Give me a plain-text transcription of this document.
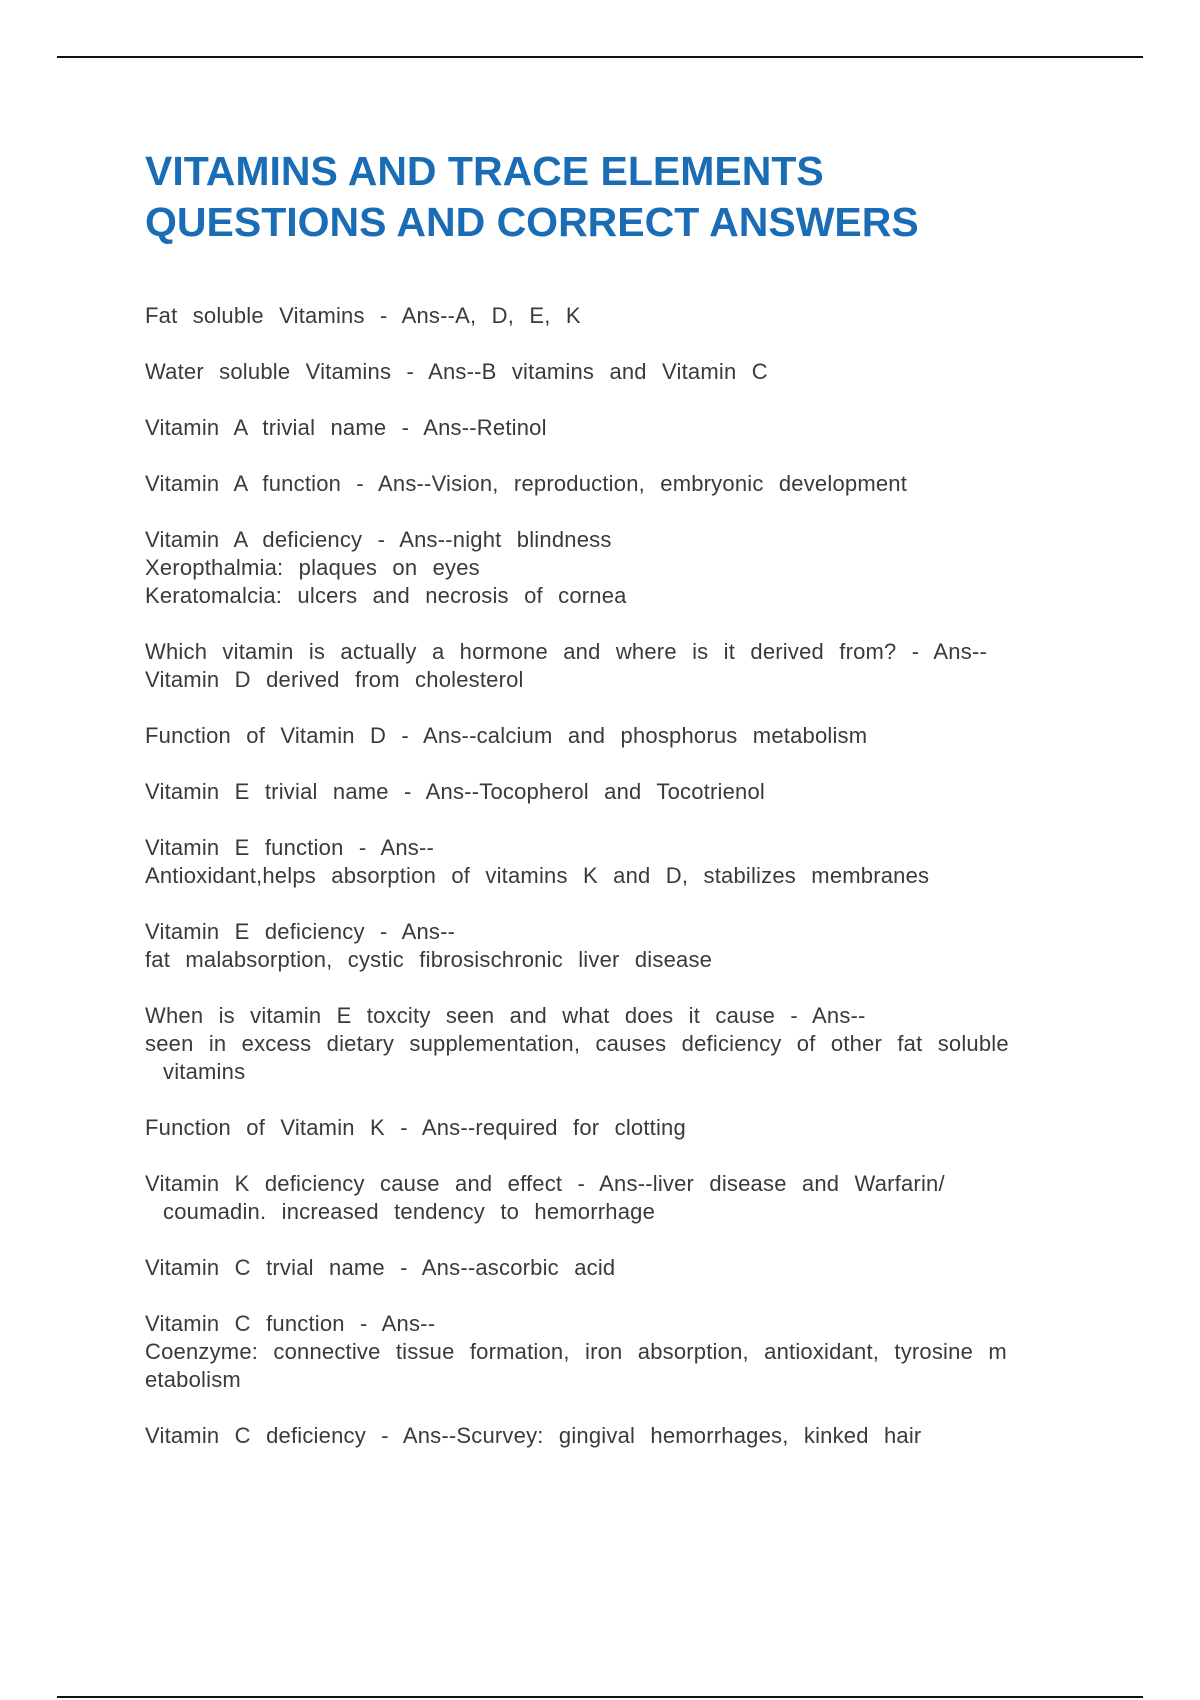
VITAMINS AND TRACE ELEMENTS
QUESTIONS AND CORRECT ANSWERS
Fat soluble Vitamins - Ans--A, D, E, K
Water soluble Vitamins - Ans--B vitamins and Vitamin C
Vitamin A trivial name - Ans--Retinol
Vitamin A function - Ans--Vision, reproduction, embryonic development
Vitamin A deficiency - Ans--night blindness
Xeropthalmia: plaques on eyes
Keratomalcia: ulcers and necrosis of cornea
Which vitamin is actually a hormone and where is it derived from? - Ans--
Vitamin D derived from cholesterol
Function of Vitamin D - Ans--calcium and phosphorus metabolism
Vitamin E trivial name - Ans--Tocopherol and Tocotrienol
Vitamin E function - Ans--
Antioxidant,helps absorption of vitamins K and D, stabilizes membranes
Vitamin E deficiency - Ans--
fat malabsorption, cystic fibrosischronic liver disease
When is vitamin E toxcity seen and what does it cause - Ans--
seen in excess dietary supplementation, causes deficiency of other fat soluble
vitamins
Function of Vitamin K - Ans--required for clotting
Vitamin K deficiency cause and effect - Ans--liver disease and Warfarin/
coumadin. increased tendency to hemorrhage
Vitamin C trvial name - Ans--ascorbic acid
Vitamin C function - Ans--
Coenzyme: connective tissue formation, iron absorption, antioxidant, tyrosine m
etabolism
Vitamin C deficiency - Ans--Scurvey: gingival hemorrhages, kinked hair
